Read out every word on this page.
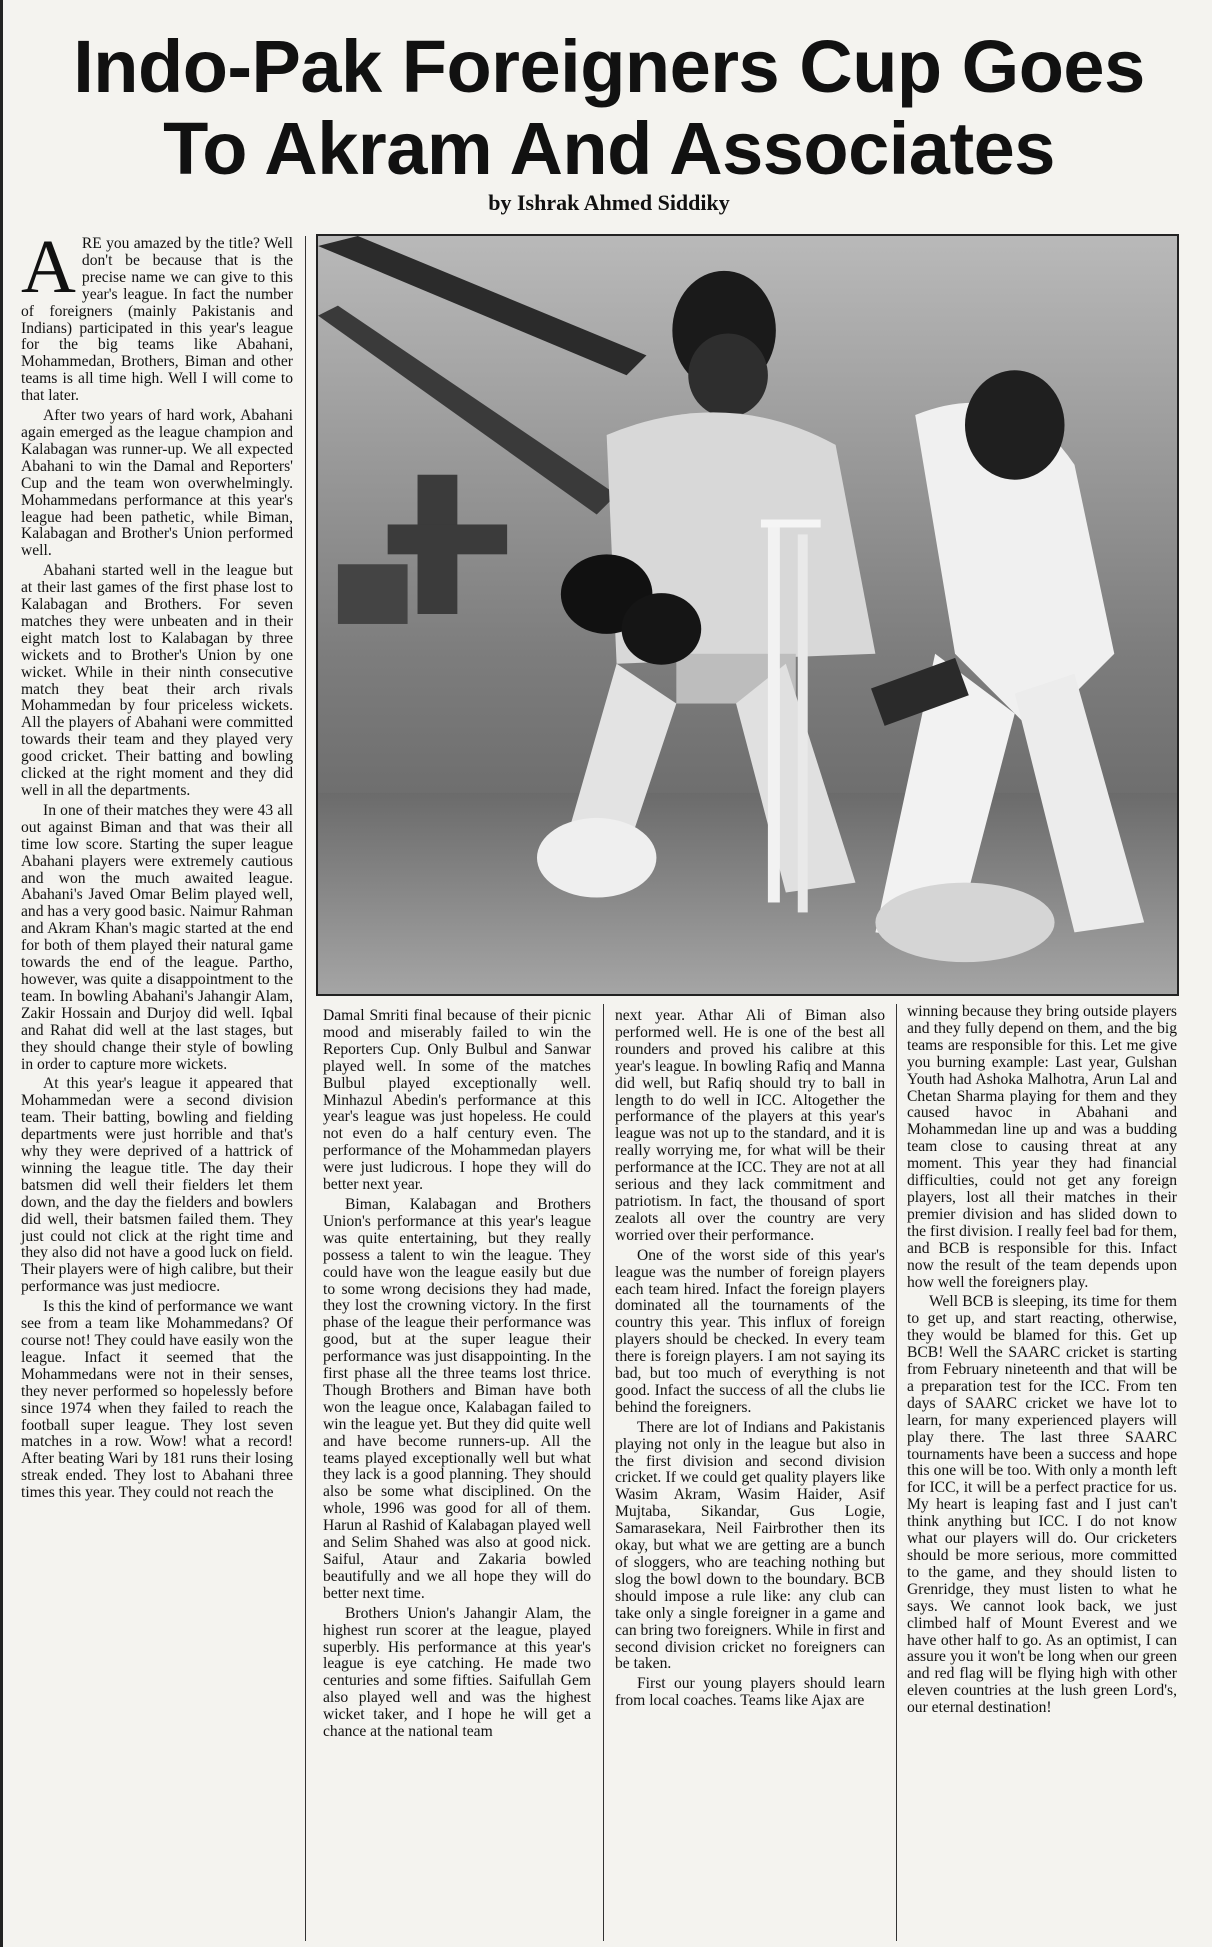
Indo-Pak Foreigners Cup Goes
To Akram And Associates
by Ishrak Ahmed Siddiky

ARE you amazed by the title? Well don't be because that is the precise name we can give to this year's league. In fact the number of foreigners (mainly Pakistanis and Indians) participated in this year's league for the big teams like Abahani, Mohammedan, Brothers, Biman and other teams is all time high. Well I will come to that later.

After two years of hard work, Abahani again emerged as the league champion and Kalabagan was runner-up. We all expected Abahani to win the Damal and Reporters' Cup and the team won overwhelmingly. Mohammedans performance at this year's league had been pathetic, while Biman, Kalabagan and Brother's Union performed well.

Abahani started well in the league but at their last games of the first phase lost to Kalabagan and Brothers. For seven matches they were unbeaten and in their eight match lost to Kalabagan by three wickets and to Brother's Union by one wicket. While in their ninth consecutive match they beat their arch rivals Mohammedan by four priceless wickets. All the players of Abahani were committed towards their team and they played very good cricket. Their batting and bowling clicked at the right moment and they did well in all the departments.

In one of their matches they were 43 all out against Biman and that was their all time low score. Starting the super league Abahani players were extremely cautious and won the much awaited league. Abahani's Javed Omar Belim played well, and has a very good basic. Naimur Rahman and Akram Khan's magic started at the end for both of them played their natural game towards the end of the league. Partho, however, was quite a disappointment to the team. In bowling Abahani's Jahangir Alam, Zakir Hossain and Durjoy did well. Iqbal and Rahat did well at the last stages, but they should change their style of bowling in order to capture more wickets.

At this year's league it appeared that Mohammedan were a second division team. Their batting, bowling and fielding departments were just horrible and that's why they were deprived of a hattrick of winning the league title. The day their batsmen did well their fielders let them down, and the day the fielders and bowlers did well, their batsmen failed them. They just could not click at the right time and they also did not have a good luck on field. Their players were of high calibre, but their performance was just mediocre.

Is this the kind of performance we want see from a team like Mohammedans? Of course not! They could have easily won the league. Infact it seemed that the Mohammedans were not in their senses, they never performed so hopelessly before since 1974 when they failed to reach the football super league. They lost seven matches in a row. Wow! what a record! After beating Wari by 181 runs their losing streak ended. They lost to Abahani three times this year. They could not reach the

Damal Smriti final because of their picnic mood and miserably failed to win the Reporters Cup. Only Bulbul and Sanwar played well. In some of the matches Bulbul played exceptionally well. Minhazul Abedin's performance at this year's league was just hopeless. He could not even do a half century even. The performance of the Mohammedan players were just ludicrous. I hope they will do better next year.

Biman, Kalabagan and Brothers Union's performance at this year's league was quite entertaining, but they really possess a talent to win the league. They could have won the league easily but due to some wrong decisions they had made, they lost the crowning victory. In the first phase of the league their performance was good, but at the super league their performance was just disappointing. In the first phase all the three teams lost thrice. Though Brothers and Biman have both won the league once, Kalabagan failed to win the league yet. But they did quite well and have become runners-up. All the teams played exceptionally well but what they lack is a good planning. They should also be some what disciplined. On the whole, 1996 was good for all of them. Harun al Rashid of Kalabagan played well and Selim Shahed was also at good nick. Saiful, Ataur and Zakaria bowled beautifully and we all hope they will do better next time.

Brothers Union's Jahangir Alam, the highest run scorer at the league, played superbly. His performance at this year's league is eye catching. He made two centuries and some fifties. Saifullah Gem also played well and was the highest wicket taker, and I hope he will get a chance at the national team

next year. Athar Ali of Biman also performed well. He is one of the best all rounders and proved his calibre at this year's league. In bowling Rafiq and Manna did well, but Rafiq should try to ball in length to do well in ICC. Altogether the performance of the players at this year's league was not up to the standard, and it is really worrying me, for what will be their performance at the ICC. They are not at all serious and they lack commitment and patriotism. In fact, the thousand of sport zealots all over the country are very worried over their performance.

One of the worst side of this year's league was the number of foreign players each team hired. Infact the foreign players dominated all the tournaments of the country this year. This influx of foreign players should be checked. In every team there is foreign players. I am not saying its bad, but too much of everything is not good. Infact the success of all the clubs lie behind the foreigners.

There are lot of Indians and Pakistanis playing not only in the league but also in the first division and second division cricket. If we could get quality players like Wasim Akram, Wasim Haider, Asif Mujtaba, Sikandar, Gus Logie, Samarasekara, Neil Fairbrother then its okay, but what we are getting are a bunch of sloggers, who are teaching nothing but slog the bowl down to the boundary. BCB should impose a rule like: any club can take only a single foreigner in a game and can bring two foreigners. While in first and second division cricket no foreigners can be taken.

First our young players should learn from local coaches. Teams like Ajax are

winning because they bring outside players and they fully depend on them, and the big teams are responsible for this. Let me give you burning example: Last year, Gulshan Youth had Ashoka Malhotra, Arun Lal and Chetan Sharma playing for them and they caused havoc in Abahani and Mohammedan line up and was a budding team close to causing threat at any moment. This year they had financial difficulties, could not get any foreign players, lost all their matches in their premier division and has slided down to the first division. I really feel bad for them, and BCB is responsible for this. Infact now the result of the team depends upon how well the foreigners play.

Well BCB is sleeping, its time for them to get up, and start reacting, otherwise, they would be blamed for this. Get up BCB! Well the SAARC cricket is starting from February nineteenth and that will be a preparation test for the ICC. From ten days of SAARC cricket we have lot to learn, for many experienced players will play there. The last three SAARC tournaments have been a success and hope this one will be too. With only a month left for ICC, it will be a perfect practice for us. My heart is leaping fast and I just can't think anything but ICC. I do not know what our players will do. Our cricketers should be more serious, more committed to the game, and they should listen to Grenridge, they must listen to what he says. We cannot look back, we just climbed half of Mount Everest and we have other half to go. As an optimist, I can assure you it won't be long when our green and red flag will be flying high with other eleven countries at the lush green Lord's, our eternal destination!
